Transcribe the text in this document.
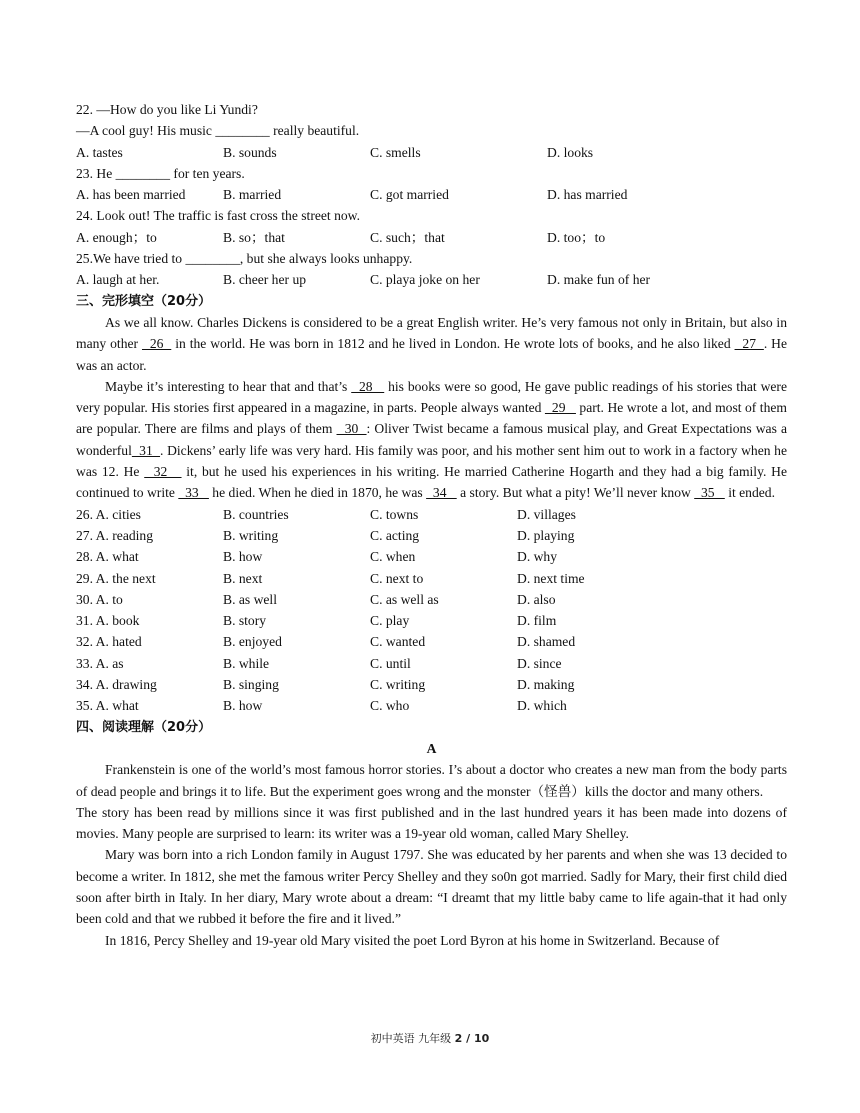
22. —How do you like Li Yundi?
—A cool guy! His music ________ really beautiful.
A. tastes	B. sounds	C. smells	D. looks
23. He ________ for ten years.
A. has been married	B. married	C. got married	D. has married
24. Look out! The traffic is fast cross the street now.
A. enough；to	B. so；that	C. such；that	D. too；to
25.We have tried to ________, but she always looks unhappy.
A. laugh at her.	B. cheer her up	C. playa joke on her	D. make fun of her
三、完形填空（20分）
As we all know. Charles Dickens is considered to be a great English writer. He’s very famous not only in Britain, but also in many other   26   in the world. He was born in 1812 and he lived in London. He wrote lots of books, and he also liked   27  . He was an actor.
Maybe it’s interesting to hear that and that’s   28    his books were so good, He gave public readings of his stories that were very popular. His stories first appeared in a magazine, in parts. People always wanted   29    part. He wrote a lot, and most of them are popular. There are films and plays of them   30  : Oliver Twist became a famous musical play, and Great Expectations was a wonderful  31  . Dickens’ early life was very hard. His family was poor, and his mother sent him out to work in a factory when he was 12. He   32    it, but he used his experiences in his writing. He married Catherine Hogarth and they had a big family. He continued to write   33    he died. When he died in 1870, he was   34    a story. But what a pity! We’ll never know   35    it ended.
26. A. cities	B. countries	C. towns	D. villages
27. A. reading	B. writing	C. acting	D. playing
28. A. what	B. how	C. when	D. why
29. A. the next	B. next	C. next to	D. next time
30. A. to	B. as well	C. as well as	D. also
31. A. book	B. story	C. play	D. film
32. A. hated	B. enjoyed	C. wanted	D. shamed
33. A. as	B. while	C. until	D. since
34. A. drawing	B. singing	C. writing	D. making
35. A. what	B. how	C. who	D. which
四、阅读理解（20分）
A
Frankenstein is one of the world’s most famous horror stories. I’s about a doctor who creates a new man from the body parts of dead people and brings it to life. But the experiment goes wrong and the monster（怪兽）kills the doctor and many others.
The story has been read by millions since it was first published and in the last hundred years it has been made into dozens of movies. Many people are surprised to learn: its writer was a 19-year old woman, called Mary Shelley.
Mary was born into a rich London family in August 1797. She was educated by her parents and when she was 13 decided to become a writer. In 1812, she met the famous writer Percy Shelley and they so0n got married. Sadly for Mary, their first child died soon after birth in Italy. In her diary, Mary wrote about a dream: “I dreamt that my little baby came to life again-that it had only been cold and that we rubbed it before the fire and it lived.”
In 1816, Percy Shelley and 19-year old Mary visited the poet Lord Byron at his home in Switzerland. Because of
初中英语 九年级 2 / 10
